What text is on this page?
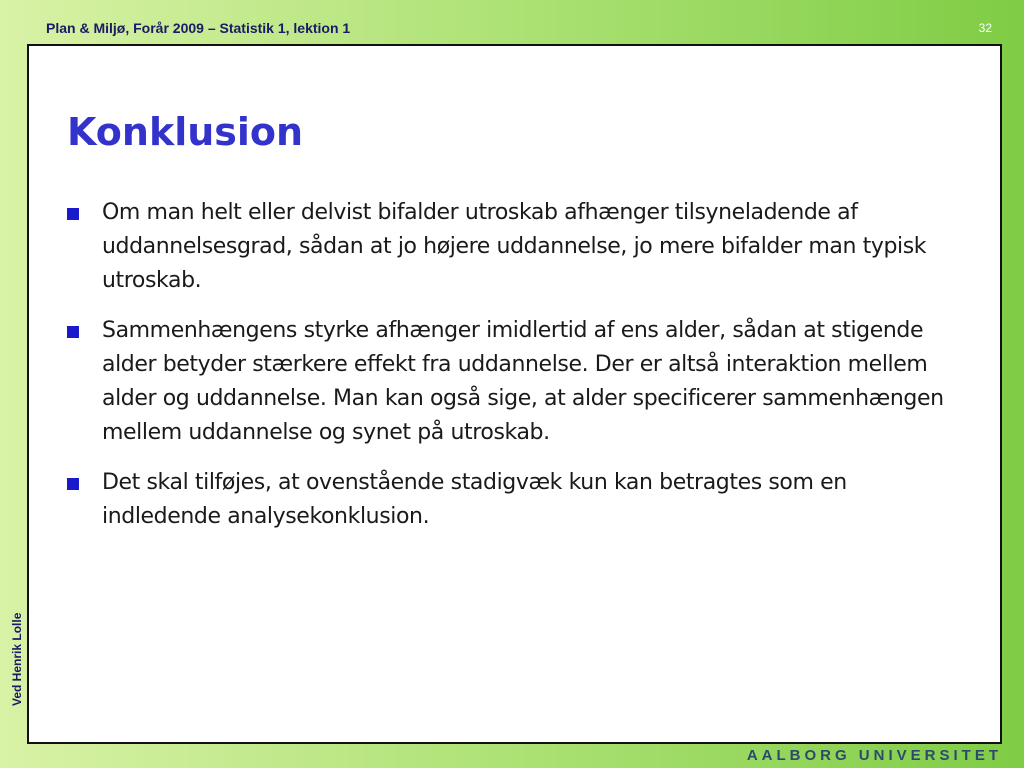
Plan & Miljø, Forår 2009 – Statistik 1, lektion 1	32
Ved Henrik Lolle
Konklusion
Om man helt eller delvist bifalder utroskab afhænger tilsyneladende af uddannelsesgrad, sådan at jo højere uddannelse, jo mere bifalder man typisk utroskab.
Sammenhængens styrke afhænger imidlertid af ens alder, sådan at stigende alder betyder stærkere effekt fra uddannelse. Der er altså interaktion mellem alder og uddannelse. Man kan også sige, at alder specificerer sammenhængen mellem uddannelse og synet på utroskab.
Det skal tilføjes, at ovenstående stadigvæk kun kan betragtes som en indledende analysekonklusion.
AALBORG UNIVERSITET
